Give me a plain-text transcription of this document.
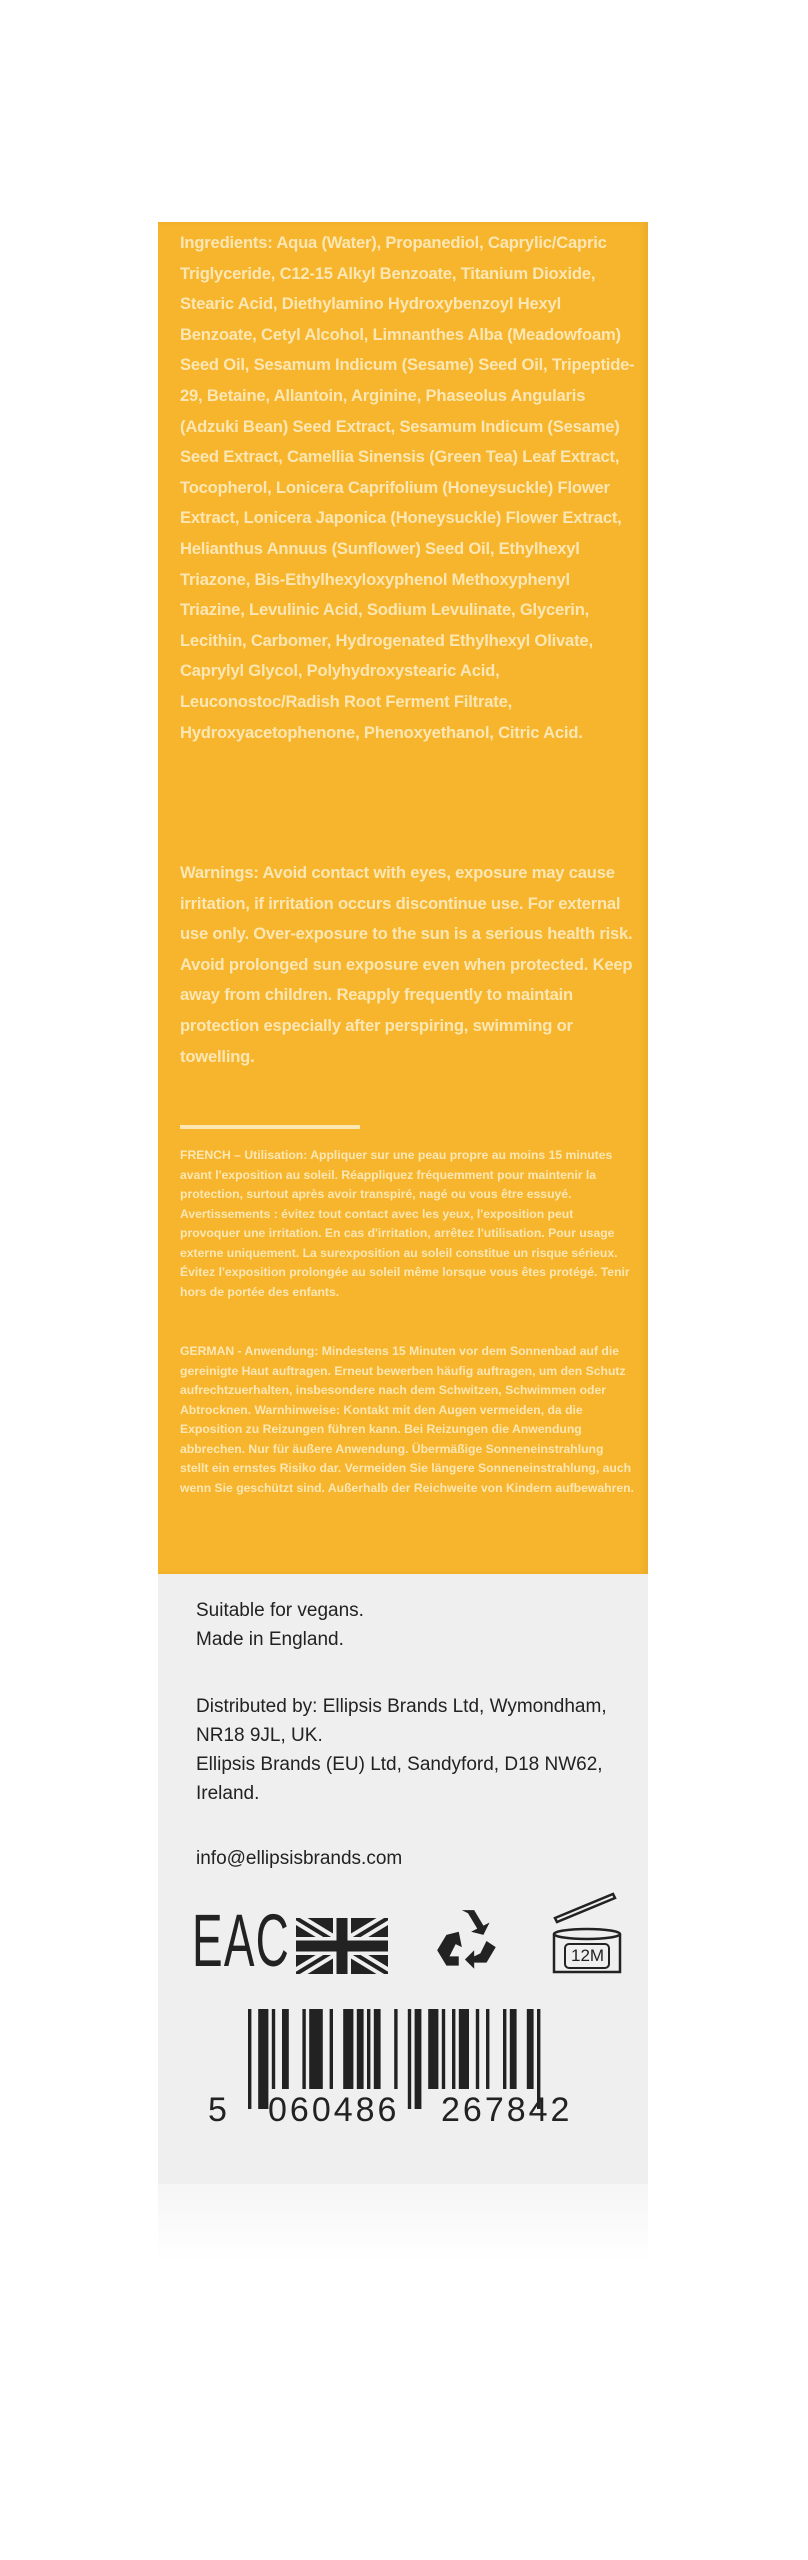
Ingredients: Aqua (Water), Propanediol, Caprylic/Capric Triglyceride, C12-15 Alkyl Benzoate, Titanium Dioxide, Stearic Acid, Diethylamino Hydroxybenzoyl Hexyl Benzoate, Cetyl Alcohol, Limnanthes Alba (Meadowfoam) Seed Oil, Sesamum Indicum (Sesame) Seed Oil, Tripeptide-29, Betaine, Allantoin, Arginine, Phaseolus Angularis (Adzuki Bean) Seed Extract, Sesamum Indicum (Sesame) Seed Extract, Camellia Sinensis (Green Tea) Leaf Extract, Tocopherol, Lonicera Caprifolium (Honeysuckle) Flower Extract, Lonicera Japonica (Honeysuckle) Flower Extract, Helianthus Annuus (Sunflower) Seed Oil, Ethylhexyl Triazone, Bis-Ethylhexyloxyphenol Methoxyphenyl Triazine, Levulinic Acid, Sodium Levulinate, Glycerin, Lecithin, Carbomer, Hydrogenated Ethylhexyl Olivate, Caprylyl Glycol, Polyhydroxystearic Acid, Leuconostoc/Radish Root Ferment Filtrate, Hydroxyacetophenone, Phenoxyethanol, Citric Acid.
Warnings: Avoid contact with eyes, exposure may cause irritation, if irritation occurs discontinue use. For external use only. Over-exposure to the sun is a serious health risk. Avoid prolonged sun exposure even when protected. Keep away from children. Reapply frequently to maintain protection especially after perspiring, swimming or towelling.
FRENCH – Utilisation: Appliquer sur une peau propre au moins 15 minutes avant l'exposition au soleil. Réappliquez fréquemment pour maintenir la protection, surtout après avoir transpiré, nagé ou vous être essuyé. Avertissements : évitez tout contact avec les yeux, l'exposition peut provoquer une irritation. En cas d'irritation, arrêtez l'utilisation. Pour usage externe uniquement. La surexposition au soleil constitue un risque sérieux. Évitez l'exposition prolongée au soleil même lorsque vous êtes protégé. Tenir hors de portée des enfants.
GERMAN - Anwendung: Mindestens 15 Minuten vor dem Sonnenbad auf die gereinigte Haut auftragen. Erneut bewerben häufig auftragen, um den Schutz aufrechtzuerhalten, insbesondere nach dem Schwitzen, Schwimmen oder Abtrocknen. Warnhinweise: Kontakt mit den Augen vermeiden, da die Exposition zu Reizungen führen kann. Bei Reizungen die Anwendung abbrechen. Nur für äußere Anwendung. Übermäßige Sonneneinstrahlung stellt ein ernstes Risiko dar. Vermeiden Sie längere Sonneneinstrahlung, auch wenn Sie geschützt sind. Außerhalb der Reichweite von Kindern aufbewahren.
Suitable for vegans.
Made in England.
Distributed by: Ellipsis Brands Ltd, Wymondham, NR18 9JL, UK.
Ellipsis Brands (EU) Ltd, Sandyford, D18 NW62, Ireland.
info@ellipsisbrands.com
EAC	12M
5 060486 267842
